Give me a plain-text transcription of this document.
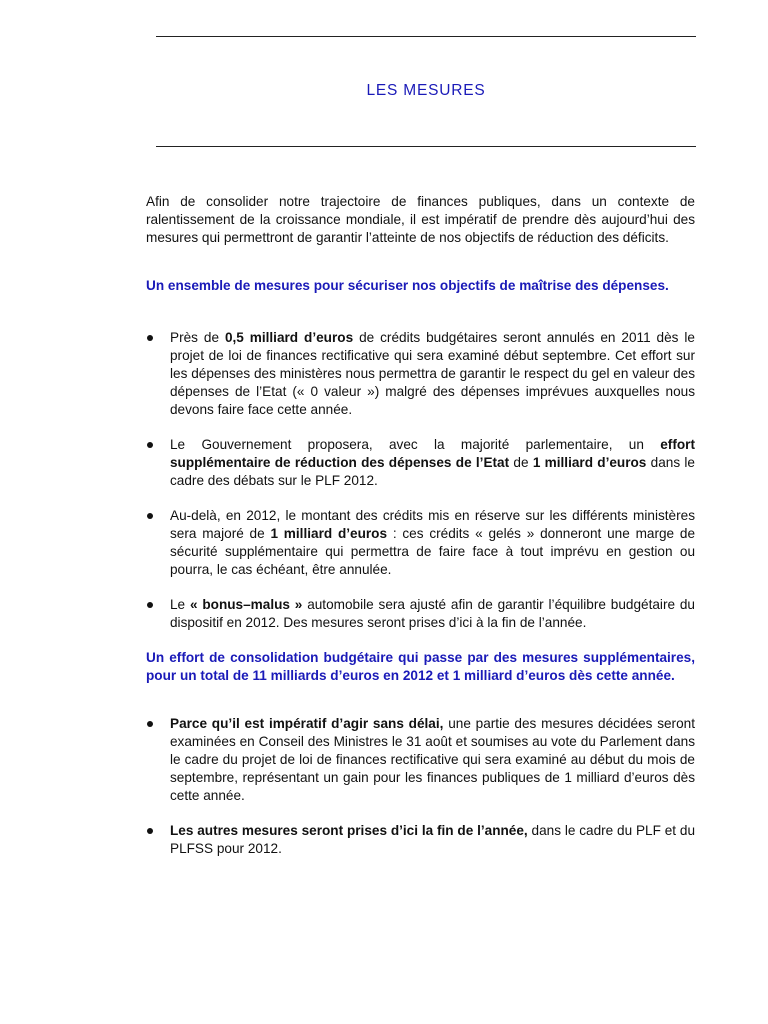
LES MESURES

Afin de consolider notre trajectoire de finances publiques, dans un contexte de ralentissement de la croissance mondiale, il est impératif de prendre dès aujourd’hui des mesures qui permettront de garantir l’atteinte de nos objectifs de réduction des déficits.

Un ensemble de mesures pour sécuriser nos objectifs de maîtrise des dépenses.

Près de 0,5 milliard d’euros de crédits budgétaires seront annulés en 2011 dès le projet de loi de finances rectificative qui sera examiné début septembre. Cet effort sur les dépenses des ministères nous permettra de garantir le respect du gel en valeur des dépenses de l’Etat (« 0 valeur ») malgré des dépenses imprévues auxquelles nous devons faire face cette année.
Le Gouvernement proposera, avec la majorité parlementaire, un effort supplémentaire de réduction des dépenses de l’Etat de 1 milliard d’euros dans le cadre des débats sur le PLF 2012.
Au-delà, en 2012, le montant des crédits mis en réserve sur les différents ministères sera majoré de 1 milliard d’euros : ces crédits « gelés » donneront une marge de sécurité supplémentaire qui permettra de faire face à tout imprévu en gestion ou pourra, le cas échéant, être annulée.
Le « bonus–malus » automobile sera ajusté afin de garantir l’équilibre budgétaire du dispositif en 2012. Des mesures seront prises d’ici à la fin de l’année.

Un effort de consolidation budgétaire qui passe par des mesures supplémentaires, pour un total de 11 milliards d’euros en 2012 et 1 milliard d’euros dès cette année.

Parce qu’il est impératif d’agir sans délai, une partie des mesures décidées seront examinées en Conseil des Ministres le 31 août et soumises au vote du Parlement dans le cadre du projet de loi de finances rectificative qui sera examiné au début du mois de septembre, représentant un gain pour les finances publiques de 1 milliard d’euros dès cette année.
Les autres mesures seront prises d’ici la fin de l’année, dans le cadre du PLF et du PLFSS pour 2012.
